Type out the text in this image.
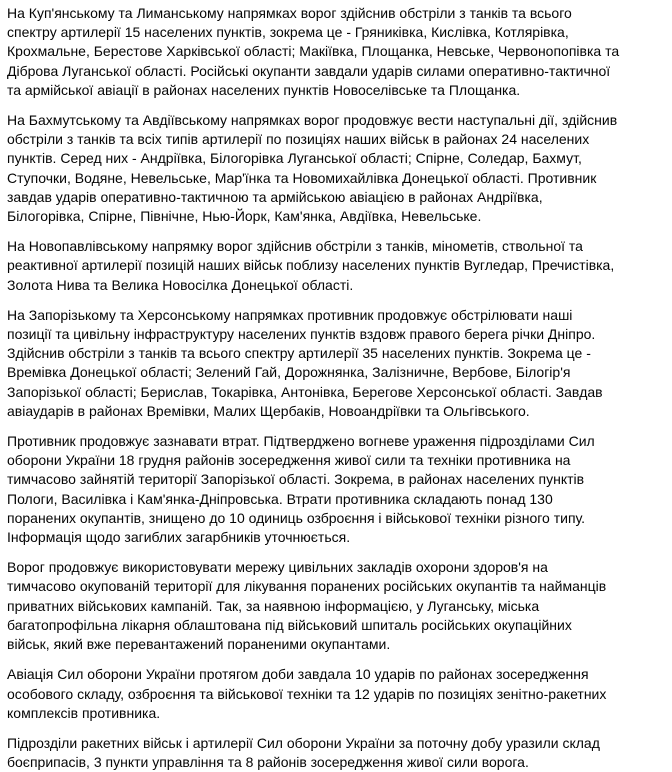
На Куп'янському та Лиманському напрямках ворог здійснив обстріли з танків та всього
спектру артилерії 15 населених пунктів, зокрема це - Гряниківка, Кислівка, Котлярівка,
Крохмальне, Берестове Харківської області; Макіївка, Площанка, Невське, Червонопопівка та
Діброва Луганської області. Російські окупанти завдали ударів силами оперативно-тактичної
та армійської авіації в районах населених пунктів Новоселівське та Площанка.
На Бахмутському та Авдіївському напрямках ворог продовжує вести наступальні дії, здійснив
обстріли з танків та всіх типів артилерії по позиціях наших військ в районах 24 населених
пунктів. Серед них - Андріївка, Білогорівка Луганської області; Спірне, Соледар, Бахмут,
Ступочки, Водяне, Невельське, Мар'їнка та Новомихайлівка Донецької області. Противник
завдав ударів оперативно-тактичною та армійською авіацією в районах Андріївка,
Білогорівка, Спірне, Північне, Нью-Йорк, Кам'янка, Авдіївка, Невельське.
На Новопавлівському напрямку ворог здійснив обстріли з танків, мінометів, ствольної та
реактивної артилерії позицій наших військ поблизу населених пунктів Вугледар, Пречистівка,
Золота Нива та Велика Новосілка Донецької області.
На Запорізькому та Херсонському напрямках противник продовжує обстрілювати наші
позиції та цивільну інфраструктуру населених пунктів вздовж правого берега річки Дніпро.
Здійснив обстріли з танків та всього спектру артилерії 35 населених пунктів. Зокрема це -
Времівка Донецької області; Зелений Гай, Дорожнянка, Залізничне, Вербове, Білогір'я
Запорізької області; Берислав, Токарівка, Антонівка, Берегове Херсонської області. Завдав
авіаударів в районах Времівки, Малих Щербаків, Новоандріївки та Ольгівського.
Противник продовжує зазнавати втрат. Підтверджено вогневе ураження підрозділами Сил
оборони України 18 грудня районів зосередження живої сили та техніки противника на
тимчасово зайнятій території Запорізької області. Зокрема, в районах населених пунктів
Пологи, Василівка і Кам'янка-Дніпровська. Втрати противника складають понад 130
поранених окупантів, знищено до 10 одиниць озброєння і військової техніки різного типу.
Інформація щодо загиблих загарбників уточнюється.
Ворог продовжує використовувати мережу цивільних закладів охорони здоров'я на
тимчасово окупованій території для лікування поранених російських окупантів та найманців
приватних військових кампаній. Так, за наявною інформацією, у Луганську, міська
багатопрофільна лікарня облаштована під військовий шпиталь російських окупаційних
військ, який вже перевантажений пораненими окупантами.
Авіація Сил оборони України протягом доби завдала 10 ударів по районах зосередження
особового складу, озброєння та військової техніки та 12 ударів по позиціях зенітно-ракетних
комплексів противника.
Підрозділи ракетних військ і артилерії Сил оборони України за поточну добу уразили склад
боєприпасів, 3 пункти управління та 8 районів зосередження живої сили ворога.
